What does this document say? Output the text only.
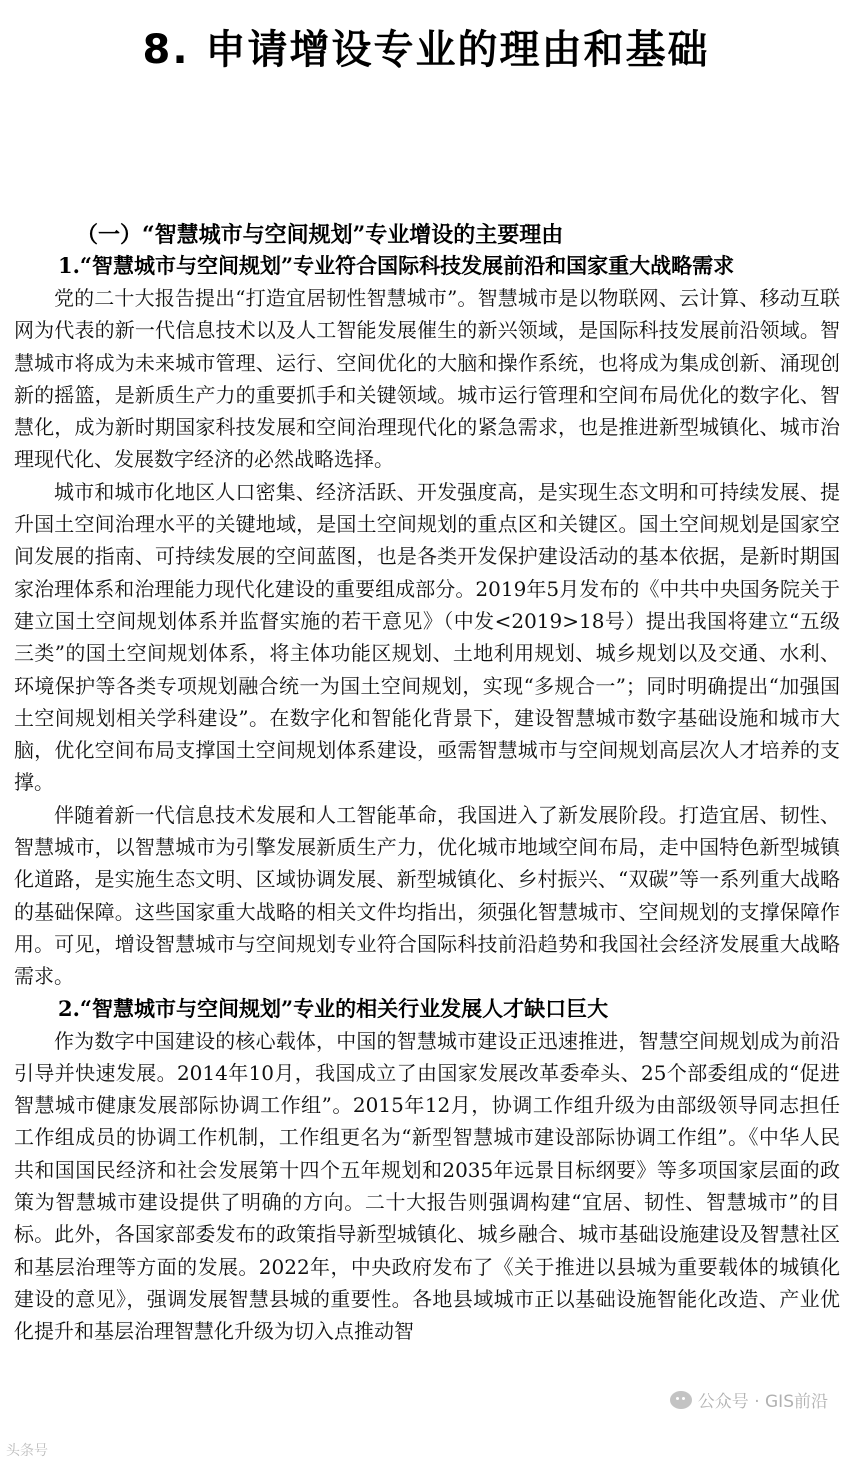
8. 申请增设专业的理由和基础
（一）“智慧城市与空间规划”专业增设的主要理由
1.“智慧城市与空间规划”专业符合国际科技发展前沿和国家重大战略需求

党的二十大报告提出“打造宜居韧性智慧城市”。智慧城市是以物联网、云计算、移动互联网为代表的新一代信息技术以及人工智能发展催生的新兴领域，是国际科技发展前沿领域。智慧城市将成为未来城市管理、运行、空间优化的大脑和操作系统，也将成为集成创新、涌现创新的摇篮，是新质生产力的重要抓手和关键领域。城市运行管理和空间布局优化的数字化、智慧化，成为新时期国家科技发展和空间治理现代化的紧急需求，也是推进新型城镇化、城市治理现代化、发展数字经济的必然战略选择。

城市和城市化地区人口密集、经济活跃、开发强度高，是实现生态文明和可持续发展、提升国土空间治理水平的关键地域，是国土空间规划的重点区和关键区。国土空间规划是国家空间发展的指南、可持续发展的空间蓝图，也是各类开发保护建设活动的基本依据，是新时期国家治理体系和治理能力现代化建设的重要组成部分。2019年5月发布的《中共中央国务院关于建立国土空间规划体系并监督实施的若干意见》（中发<2019>18号）提出我国将建立“五级三类”的国土空间规划体系，将主体功能区规划、土地利用规划、城乡规划以及交通、水利、环境保护等各类专项规划融合统一为国土空间规划，实现“多规合一”；同时明确提出“加强国土空间规划相关学科建设”。在数字化和智能化背景下，建设智慧城市数字基础设施和城市大脑，优化空间布局支撑国土空间规划体系建设，亟需智慧城市与空间规划高层次人才培养的支撑。

伴随着新一代信息技术发展和人工智能革命，我国进入了新发展阶段。打造宜居、韧性、智慧城市，以智慧城市为引擎发展新质生产力，优化城市地域空间布局，走中国特色新型城镇化道路，是实施生态文明、区域协调发展、新型城镇化、乡村振兴、“双碳”等一系列重大战略的基础保障。这些国家重大战略的相关文件均指出，须强化智慧城市、空间规划的支撑保障作用。可见，增设智慧城市与空间规划专业符合国际科技前沿趋势和我国社会经济发展重大战略需求。

2.“智慧城市与空间规划”专业的相关行业发展人才缺口巨大

作为数字中国建设的核心载体，中国的智慧城市建设正迅速推进，智慧空间规划成为前沿引导并快速发展。2014年10月，我国成立了由国家发展改革委牵头、25个部委组成的“促进智慧城市健康发展部际协调工作组”。2015年12月，协调工作组升级为由部级领导同志担任工作组成员的协调工作机制，工作组更名为“新型智慧城市建设部际协调工作组”。《中华人民共和国国民经济和社会发展第十四个五年规划和2035年远景目标纲要》等多项国家层面的政策为智慧城市建设提供了明确的方向。二十大报告则强调构建“宜居、韧性、智慧城市”的目标。此外，各国家部委发布的政策指导新型城镇化、城乡融合、城市基础设施建设及智慧社区和基层治理等方面的发展。2022年，中央政府发布了《关于推进以县城为重要载体的城镇化建设的意见》，强调发展智慧县城的重要性。各地县域城市正以基础设施智能化改造、产业优化提升和基层治理智慧化升级为切入点推动智

公众号 · GIS前沿
头条号
